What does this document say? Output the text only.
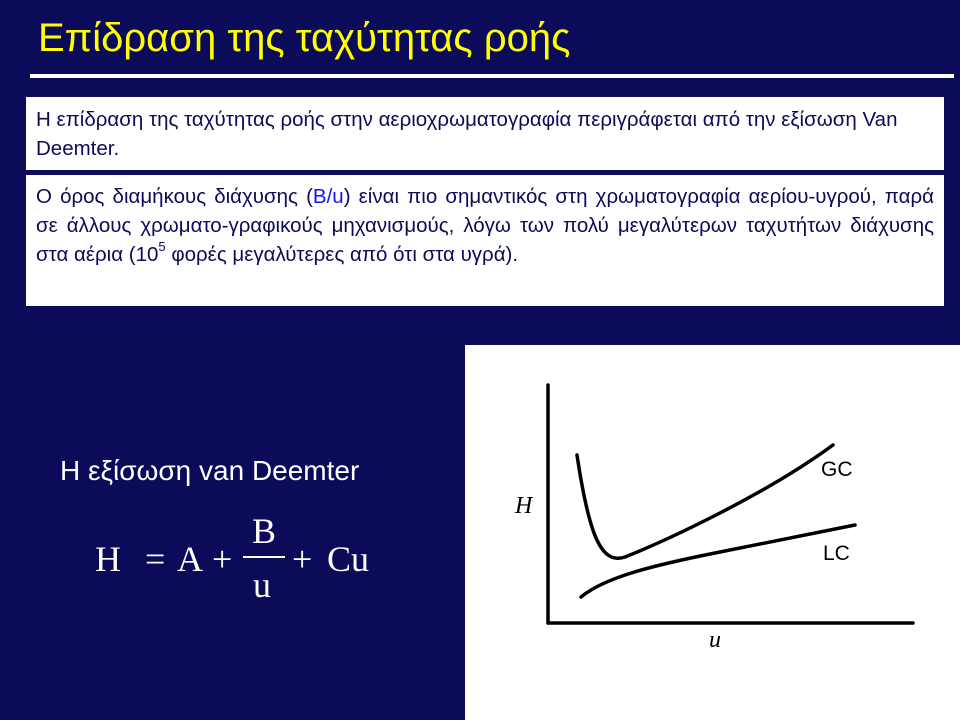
Επίδραση της ταχύτητας ροής
Η επίδραση της ταχύτητας ροής στην αεριοχρωματογραφία περιγράφεται από την εξίσωση Van Deemter.
Ο όρος διαμήκους διάχυσης (B/u) είναι πιο σημαντικός στη χρωματογραφία αερίου-υγρού, παρά σε άλλους χρωματο-γραφικούς μηχανισμούς, λόγω των πολύ μεγαλύτερων ταχυτήτων διάχυσης στα αέρια ($10^5$ φορές μεγαλύτερες από ότι στα υγρά).
Η εξίσωση van Deemter
H = A +
B
u
+ Cu
H
u
GC
LC
